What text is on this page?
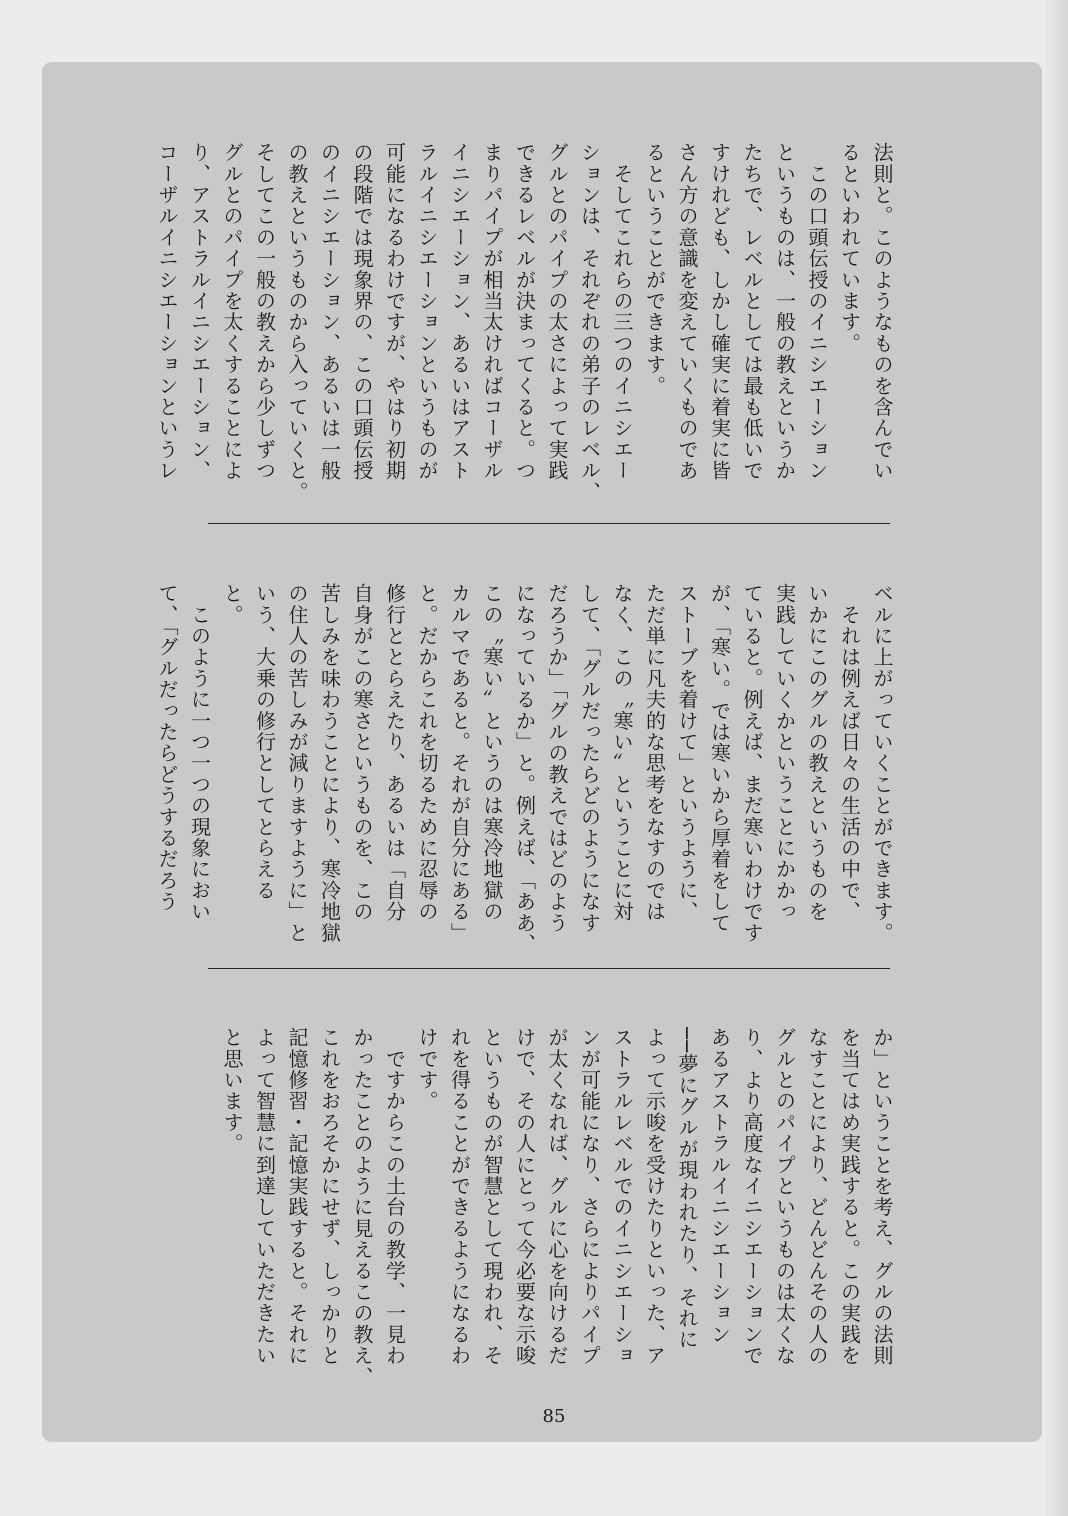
法則と。このようなものを含んでい
るといわれています。
　この口頭伝授のイニシエーション
というものは、一般の教えというか
たちで、レベルとしては最も低いで
すけれども、しかし確実に着実に皆
さん方の意識を変えていくものであ
るということができます。
　そしてこれらの三つのイニシエー
ションは、それぞれの弟子のレベル、
グルとのパイプの太さによって実践
できるレベルが決まってくると。つ
まりパイプが相当太ければコーザル
イニシエーション、あるいはアスト
ラルイニシエーションというものが
可能になるわけですが、やはり初期
の段階では現象界の、この口頭伝授
のイニシエーション、あるいは一般
の教えというものから入っていくと。
そしてこの一般の教えから少しずつ
グルとのパイプを太くすることによ
り、アストラルイニシエーション、
コーザルイニシエーションというレ
ベルに上がっていくことができます。
　それは例えば日々の生活の中で、
いかにこのグルの教えというものを
実践していくかということにかかっ
ていると。例えば、まだ寒いわけです
が、「寒い。では寒いから厚着をして
ストーブを着けて」というように、
ただ単に凡夫的な思考をなすのでは
なく、この〝寒い〟ということに対
して、「グルだったらどのようになす
だろうか」「グルの教えではどのよう
になっているか」と。例えば、「ああ、
この〝寒い〟というのは寒冷地獄の
カルマであると。それが自分にある」
と。だからこれを切るために忍辱の
修行ととらえたり、あるいは「自分
自身がこの寒さというものを、この
苦しみを味わうことにより、寒冷地獄
の住人の苦しみが減りますように」と
いう、大乗の修行としてとらえる
と。
　このように一つ一つの現象におい
て、「グルだったらどうするだろう
か」ということを考え、グルの法則
を当てはめ実践すると。この実践を
なすことにより、どんどんその人の
グルとのパイプというものは太くな
り、より高度なイニシエーションで
あるアストラルイニシエーション
──夢にグルが現われたり、それに
よって示唆を受けたりといった、ア
ストラルレベルでのイニシエーショ
ンが可能になり、さらによりパイプ
が太くなれば、グルに心を向けるだ
けで、その人にとって今必要な示唆
というものが智慧として現われ、そ
れを得ることができるようになるわ
けです。
　ですからこの土台の教学、一見わ
かったことのように見えるこの教え、
これをおろそかにせず、しっかりと
記憶修習・記憶実践すると。それに
よって智慧に到達していただきたい
と思います。
85
